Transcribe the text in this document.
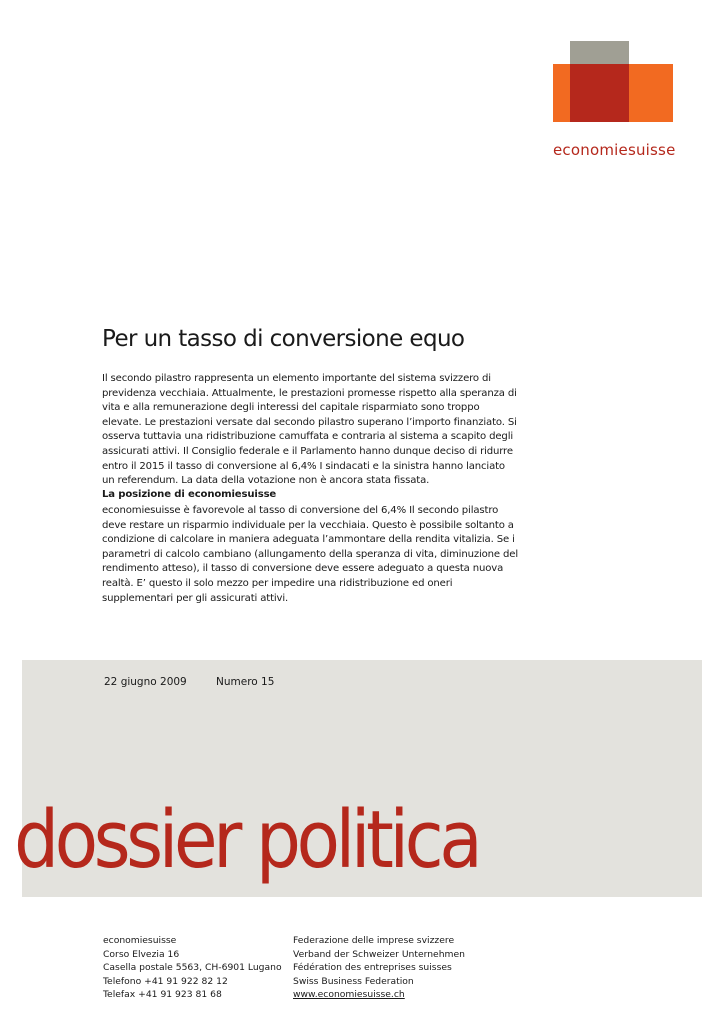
economiesuisse
Per un tasso di conversione equo

Il secondo pilastro rappresenta un elemento importante del sistema svizzero di previdenza vecchiaia. Attualmente, le prestazioni promesse rispetto alla speranza di vita e alla remunerazione degli interessi del capitale risparmiato sono troppo elevate. Le prestazioni versate dal secondo pilastro superano l’importo finanziato. Si osserva tuttavia una ridistribuzione camuffata e contraria al sistema a scapito degli assicurati attivi. Il Consiglio federale e il Parlamento hanno dunque deciso di ridurre entro il 2015 il tasso di conversione al 6,4% I sindacati e la sinistra hanno lanciato un referendum. La data della votazione non è ancora stata fissata.

La posizione di economiesuisse

economiesuisse è favorevole al tasso di conversione del 6,4% Il secondo pilastro deve restare un risparmio individuale per la vecchiaia. Questo è possibile soltanto a condizione di calcolare in maniera adeguata l’ammontare della rendita vitalizia. Se i parametri di calcolo cambiano (allungamento della speranza di vita, diminuzione del rendimento atteso), il tasso di conversione deve essere adeguato a questa nuova realtà. E’ questo il solo mezzo per impedire una ridistribuzione ed oneri supplementari per gli assicurati attivi.

22 giugno 2009	Numero 15
dossier politica
economiesuisse
Corso Elvezia 16
Casella postale 5563, CH-6901 Lugano
Telefono +41 91 922 82 12
Telefax +41 91 923 81 68
Federazione delle imprese svizzere
Verband der Schweizer Unternehmen
Fédération des entreprises suisses
Swiss Business Federation
www.economiesuisse.ch
